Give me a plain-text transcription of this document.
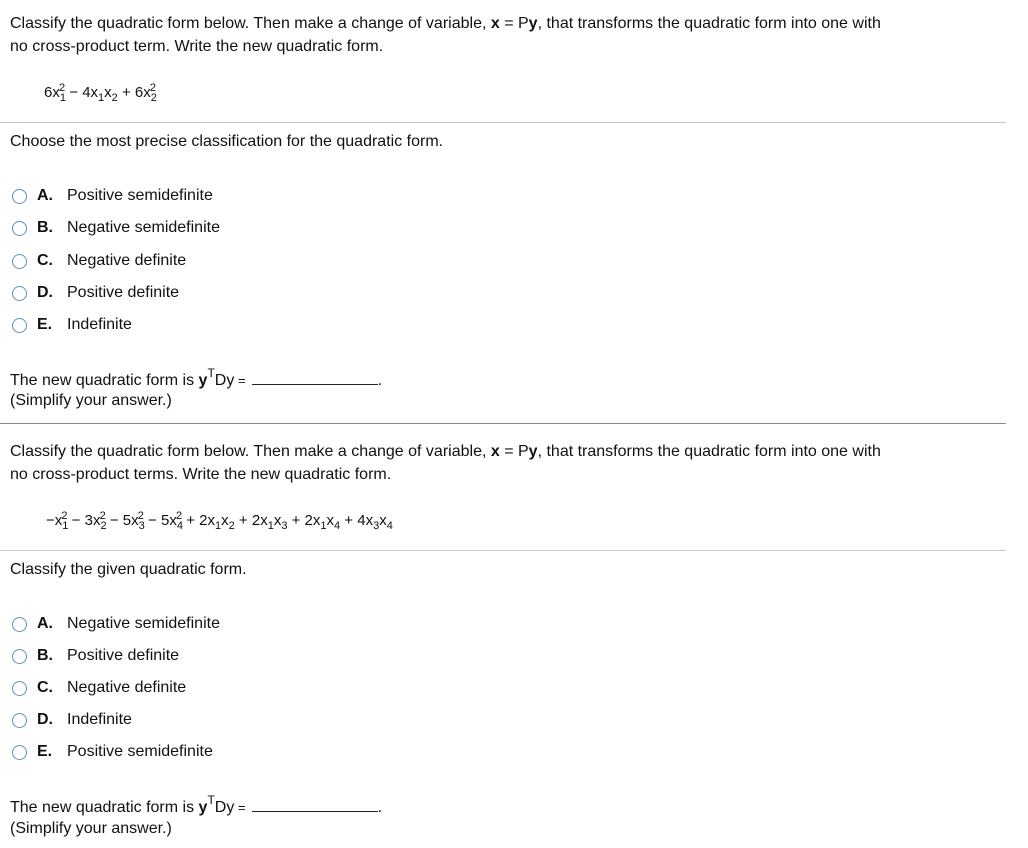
Classify the quadratic form below. Then make a change of variable, x = Py, that transforms the quadratic form into one with
no cross-product term. Write the new quadratic form.
$6x_1^2 - 4x_1x_2 + 6x_2^2$
Choose the most precise classification for the quadratic form.
A. Positive semidefinite
B. Negative semidefinite
C. Negative definite
D. Positive definite
E. Indefinite
The new quadratic form is $y^TDy$ =	.
(Simplify your answer.)
Classify the quadratic form below. Then make a change of variable, x = Py, that transforms the quadratic form into one with
no cross-product terms. Write the new quadratic form.
$-x_1^2 - 3x_2^2 - 5x_3^2 - 5x_4^2 + 2x_1x_2 + 2x_1x_3 + 2x_1x_4 + 4x_3x_4$
Classify the given quadratic form.
A. Negative semidefinite
B. Positive definite
C. Negative definite
D. Indefinite
E. Positive semidefinite
The new quadratic form is $y^TDy$ =	.
(Simplify your answer.)
